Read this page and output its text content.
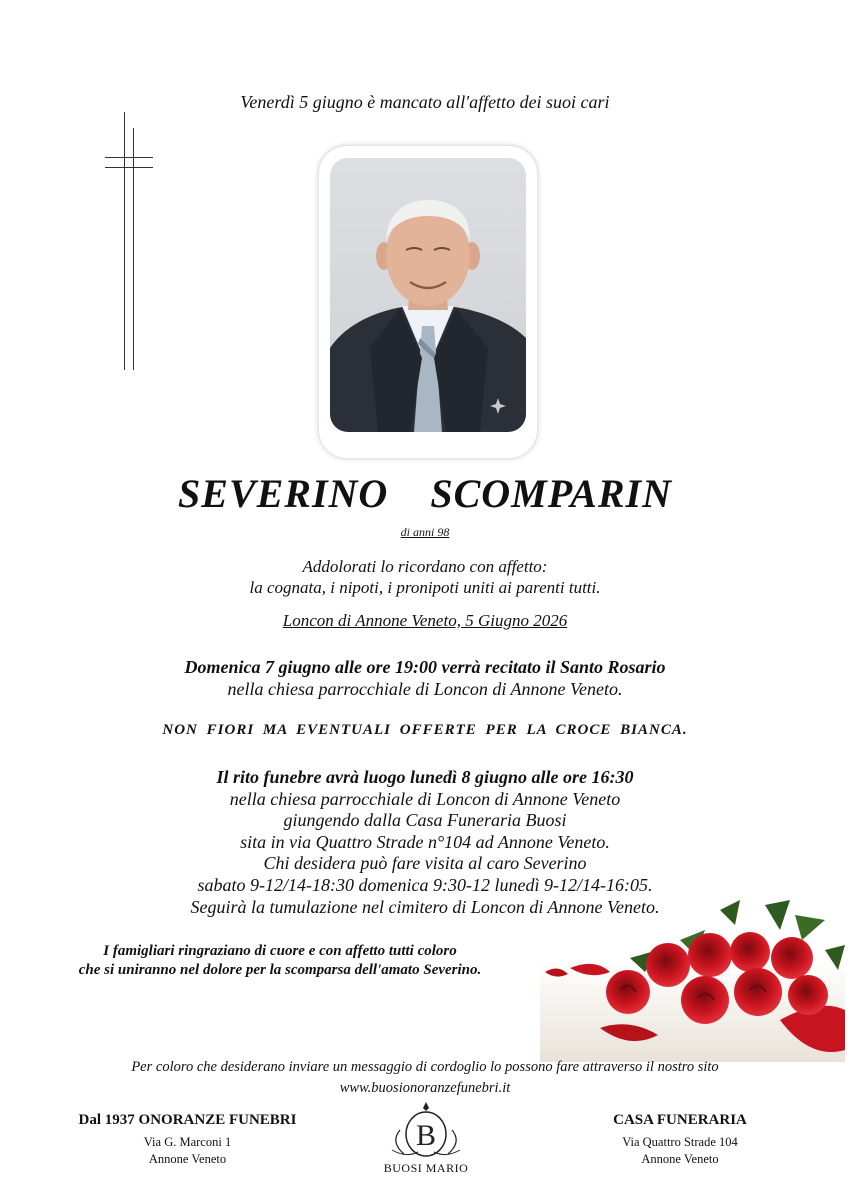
Venerdì 5 giugno è mancato all'affetto dei suoi cari
SEVERINO  SCOMPARIN
di anni 98
Addolorati lo ricordano con affetto:
la cognata, i nipoti, i pronipoti uniti ai parenti tutti.
Loncon di Annone Veneto, 5 Giugno 2026
Domenica 7 giugno alle ore 19:00 verrà recitato il Santo Rosario
nella chiesa parrocchiale di Loncon di Annone Veneto.
NON FIORI MA EVENTUALI OFFERTE PER LA CROCE BIANCA.
Il rito funebre avrà luogo lunedì 8 giugno alle ore 16:30
nella chiesa parrocchiale di Loncon di Annone Veneto
giungendo dalla Casa Funeraria Buosi
sita in via Quattro Strade n°104 ad Annone Veneto.
Chi desidera può fare visita al caro Severino
sabato 9-12/14-18:30 domenica 9:30-12 lunedì 9-12/14-16:05.
Seguirà la tumulazione nel cimitero di Loncon di Annone Veneto.
I famigliari ringraziano di cuore e con affetto tutti coloro
che si uniranno nel dolore per la scomparsa dell'amato Severino.
Per coloro che desiderano inviare un messaggio di cordoglio lo possono fare attraverso il nostro sito
www.buosionoranzefunebri.it
Dal 1937 ONORANZE FUNEBRI
Via G. Marconi 1
Annone Veneto
B
BUOSI MARIO
CASA FUNERARIA
Via Quattro Strade 104
Annone Veneto
